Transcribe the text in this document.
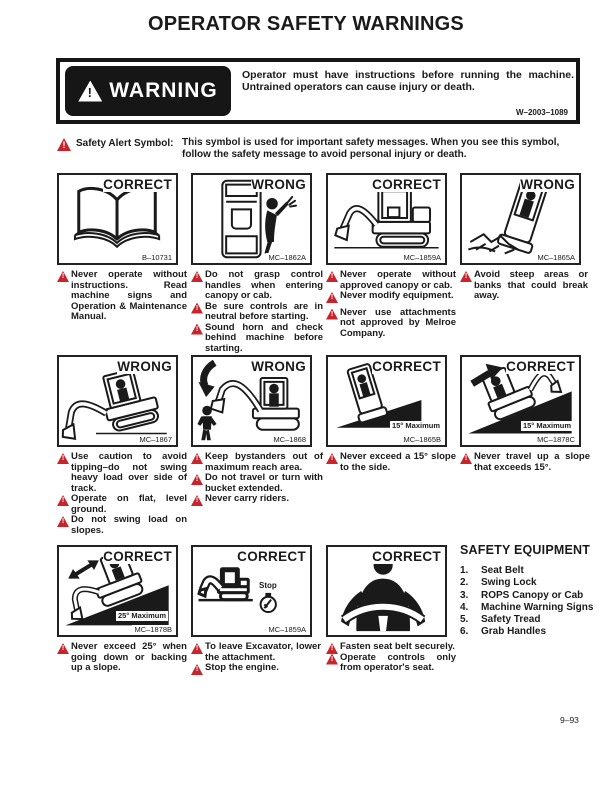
OPERATOR SAFETY WARNINGS
!
WARNING
Operator must have instructions before running the machine. Untrained operators can cause injury or death.
W–2003–1089
!
Safety Alert Symbol: This symbol is used for important safety messages. When you see this symbol, follow the safety message to avoid personal injury or death.
CORRECT
B–10731
WRONG
MC–1862A
CORRECT
MC–1859A
WRONG
MC–1865A
WRONG
MC–1867
WRONG
MC–1868
15° Maximum
CORRECT
MC–1865B
15° Maximum
CORRECT
MC–1878C
25° Maximum
CORRECT
MC–1878B
Stop
CORRECT
MC–1859A
CORRECT
!
Never operate without instructions. Read machine signs and Operation & Maintenance Manual.
!
Do not grasp control handles when entering canopy or cab.
!
Be sure controls are in neutral before starting.
!
Sound horn and check behind machine before starting.
!
Never operate without approved canopy or cab.
!
Never modify equipment.
!
Never use attachments not approved by Melroe Company.
!
Avoid steep areas or banks that could break away.
!
Use caution to avoid tipping–do not swing heavy load over side of track.
!
Operate on flat, level ground.
!
Do not swing load on slopes.
!
Keep bystanders out of maximum reach area.
!
Do not travel or turn with bucket extended.
!
Never carry riders.
!
Never exceed a 15° slope to the side.
!
Never travel up a slope that exceeds 15°.
!
Never exceed 25° when going down or backing up a slope.
!
To leave Excavator, lower the attachment.
!
Stop the engine.
!
Fasten seat belt securely.
!
Operate controls only from operator's seat.
SAFETY EQUIPMENT
1.	Seat Belt
2.	Swing Lock
3.	ROPS Canopy or Cab
4.	Machine Warning Signs
5.	Safety Tread
6.	Grab Handles
9–93
